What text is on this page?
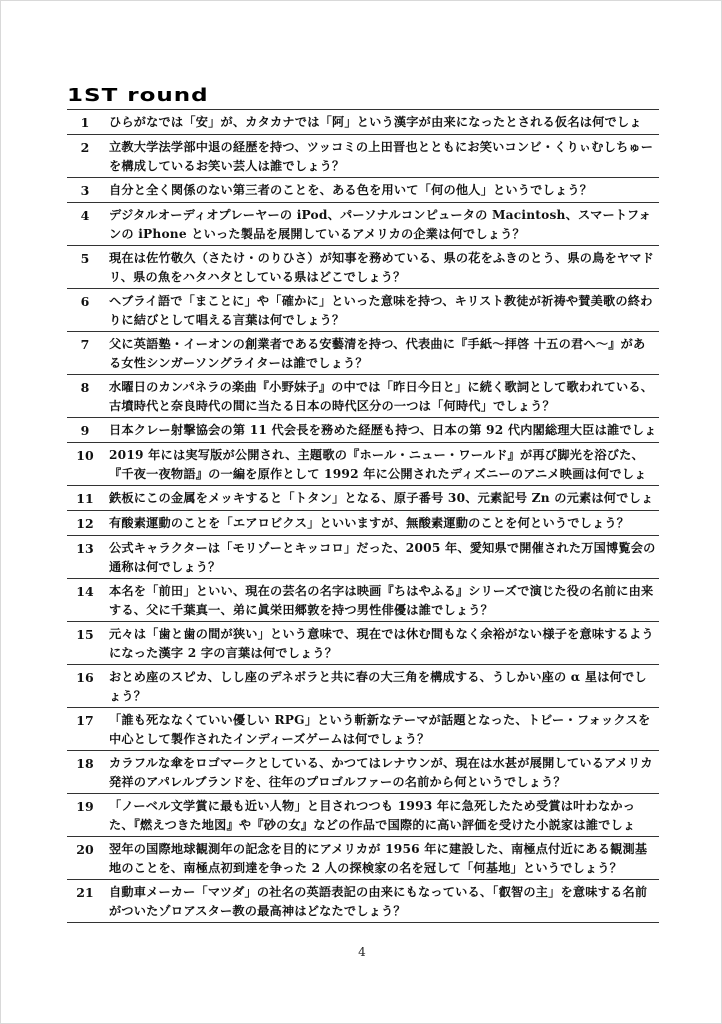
1ST round
1	ひらがなでは「安」が、カタカナでは「阿」という漢字が由来になったとされる仮名は何でしょ
2	立教大学法学部中退の経歴を持つ、ツッコミの上田晋也とともにお笑いコンビ・くりぃむしちゅーを構成しているお笑い芸人は誰でしょう？
3	自分と全く関係のない第三者のことを、ある色を用いて「何の他人」というでしょう？
4	デジタルオーディオプレーヤーの iPod、パーソナルコンピュータの Macintosh、スマートフォンの iPhone といった製品を展開しているアメリカの企業は何でしょう？
5	現在は佐竹敬久（さたけ・のりひさ）が知事を務めている、県の花をふきのとう、県の鳥をヤマドリ、県の魚をハタハタとしている県はどこでしょう？
6	ヘブライ語で「まことに」や「確かに」といった意味を持つ、キリスト教徒が祈祷や賛美歌の終わりに結びとして唱える言葉は何でしょう？
7	父に英語塾・イーオンの創業者である安藝清を持つ、代表曲に『手紙～拝啓 十五の君へ～』がある女性シンガーソングライターは誰でしょう？
8	水曜日のカンパネラの楽曲『小野妹子』の中では「昨日今日と」に続く歌詞として歌われている、古墳時代と奈良時代の間に当たる日本の時代区分の一つは「何時代」でしょう？
9	日本クレー射撃協会の第 11 代会長を務めた経歴も持つ、日本の第 92 代内閣総理大臣は誰でしょ
10	2019 年には実写版が公開され、主題歌の『ホール・ニュー・ワールド』が再び脚光を浴びた、『千夜一夜物語』の一編を原作として 1992 年に公開されたディズニーのアニメ映画は何でしょ
11	鉄板にこの金属をメッキすると「トタン」となる、原子番号 30、元素記号 Zn の元素は何でしょ
12	有酸素運動のことを「エアロビクス」といいますが、無酸素運動のことを何というでしょう？
13	公式キャラクターは「モリゾーとキッコロ」だった、2005 年、愛知県で開催された万国博覧会の通称は何でしょう？
14	本名を「前田」といい、現在の芸名の名字は映画『ちはやふる』シリーズで演じた役の名前に由来する、父に千葉真一、弟に眞栄田郷敦を持つ男性俳優は誰でしょう？
15	元々は「歯と歯の間が狭い」という意味で、現在では休む間もなく余裕がない様子を意味するようになった漢字 2 字の言葉は何でしょう？
16	おとめ座のスピカ、しし座のデネボラと共に春の大三角を構成する、うしかい座の α 星は何でしょう？
17	「誰も死ななくていい優しい RPG」という斬新なテーマが話題となった、トビー・フォックスを中心として製作されたインディーズゲームは何でしょう？
18	カラフルな傘をロゴマークとしている、かつてはレナウンが、現在は水甚が展開しているアメリカ発祥のアパレルブランドを、往年のプロゴルファーの名前から何というでしょう？
19	「ノーベル文学賞に最も近い人物」と目されつつも 1993 年に急死したため受賞は叶わなかった、『燃えつきた地図』や『砂の女』などの作品で国際的に高い評価を受けた小説家は誰でしょ
20	翌年の国際地球観測年の記念を目的にアメリカが 1956 年に建設した、南極点付近にある観測基地のことを、南極点初到達を争った 2 人の探検家の名を冠して「何基地」というでしょう？
21	自動車メーカー「マツダ」の社名の英語表記の由来にもなっている、「叡智の主」を意味する名前がついたゾロアスター教の最高神はどなたでしょう？
4
